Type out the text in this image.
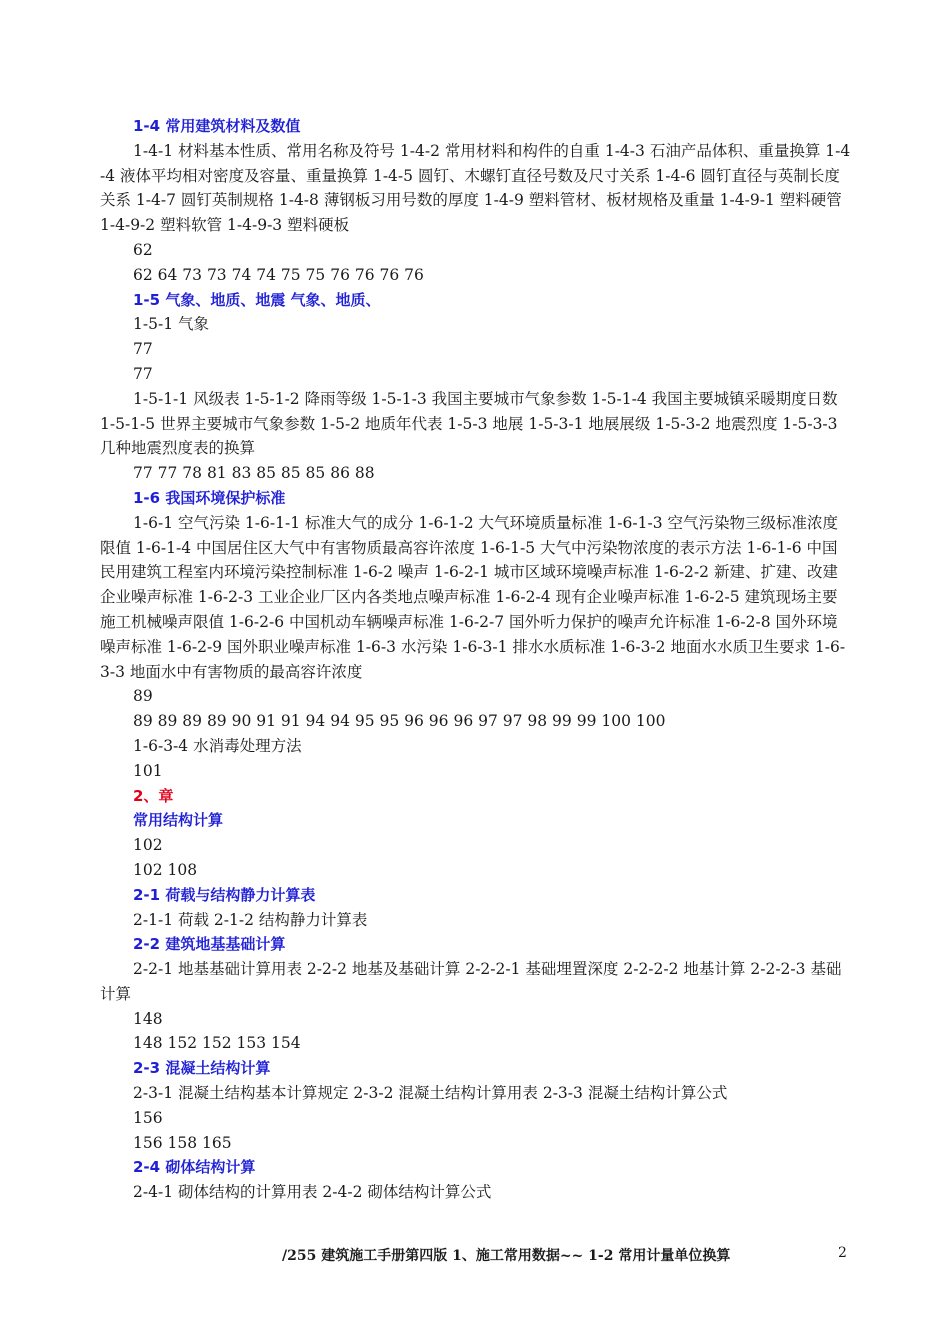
1-4 常用建筑材料及数值

1-4-1 材料基本性质、常用名称及符号 1-4-2 常用材料和构件的自重 1-4-3 石油产品体积、重量换算 1-4-4 液体平均相对密度及容量、重量换算 1-4-5 圆钉、木螺钉直径号数及尺寸关系 1-4-6 圆钉直径与英制长度关系 1-4-7 圆钉英制规格 1-4-8 薄钢板习用号数的厚度 1-4-9 塑料管材、板材规格及重量 1-4-9-1 塑料硬管 1-4-9-2 塑料软管 1-4-9-3 塑料硬板

62

62 64 73 73 74 74 75 75 76 76 76 76

1-5 气象、地质、地震 气象、地质、

1-5-1 气象

77

77

1-5-1-1 风级表 1-5-1-2 降雨等级 1-5-1-3 我国主要城市气象参数 1-5-1-4 我国主要城镇采暖期度日数 1-5-1-5 世界主要城市气象参数 1-5-2 地质年代表 1-5-3 地展 1-5-3-1 地展展级 1-5-3-2 地震烈度 1-5-3-3 几种地震烈度表的换算

77 77 78 81 83 85 85 85 86 88

1-6 我国环境保护标准

1-6-1 空气污染 1-6-1-1 标准大气的成分 1-6-1-2 大气环境质量标准 1-6-1-3 空气污染物三级标准浓度限值 1-6-1-4 中国居住区大气中有害物质最高容许浓度 1-6-1-5 大气中污染物浓度的表示方法 1-6-1-6 中国民用建筑工程室内环境污染控制标准 1-6-2 噪声 1-6-2-1 城市区域环境噪声标准 1-6-2-2 新建、扩建、改建企业噪声标准 1-6-2-3 工业企业厂区内各类地点噪声标准 1-6-2-4 现有企业噪声标准 1-6-2-5 建筑现场主要施工机械噪声限值 1-6-2-6 中国机动车辆噪声标准 1-6-2-7 国外听力保护的噪声允许标准 1-6-2-8 国外环境噪声标准 1-6-2-9 国外职业噪声标准 1-6-3 水污染 1-6-3-1 排水水质标准 1-6-3-2 地面水水质卫生要求 1-6-3-3 地面水中有害物质的最高容许浓度

89

89 89 89 89 90 91 91 94 94 95 95 96 96 96 97 97 98 99 99 100 100

1-6-3-4 水消毒处理方法

101

2、章

常用结构计算

102

102 108

2-1 荷载与结构静力计算表

2-1-1 荷载 2-1-2 结构静力计算表

2-2 建筑地基基础计算

2-2-1 地基基础计算用表 2-2-2 地基及基础计算 2-2-2-1 基础埋置深度 2-2-2-2 地基计算 2-2-2-3 基础计算

148

148 152 152 153 154

2-3 混凝土结构计算

2-3-1 混凝土结构基本计算规定 2-3-2 混凝土结构计算用表 2-3-3 混凝土结构计算公式

156

156 158 165

2-4 砌体结构计算

2-4-1 砌体结构的计算用表 2-4-2 砌体结构计算公式

/255 建筑施工手册第四版 1、施工常用数据~~ 1-2 常用计量单位换算	2
